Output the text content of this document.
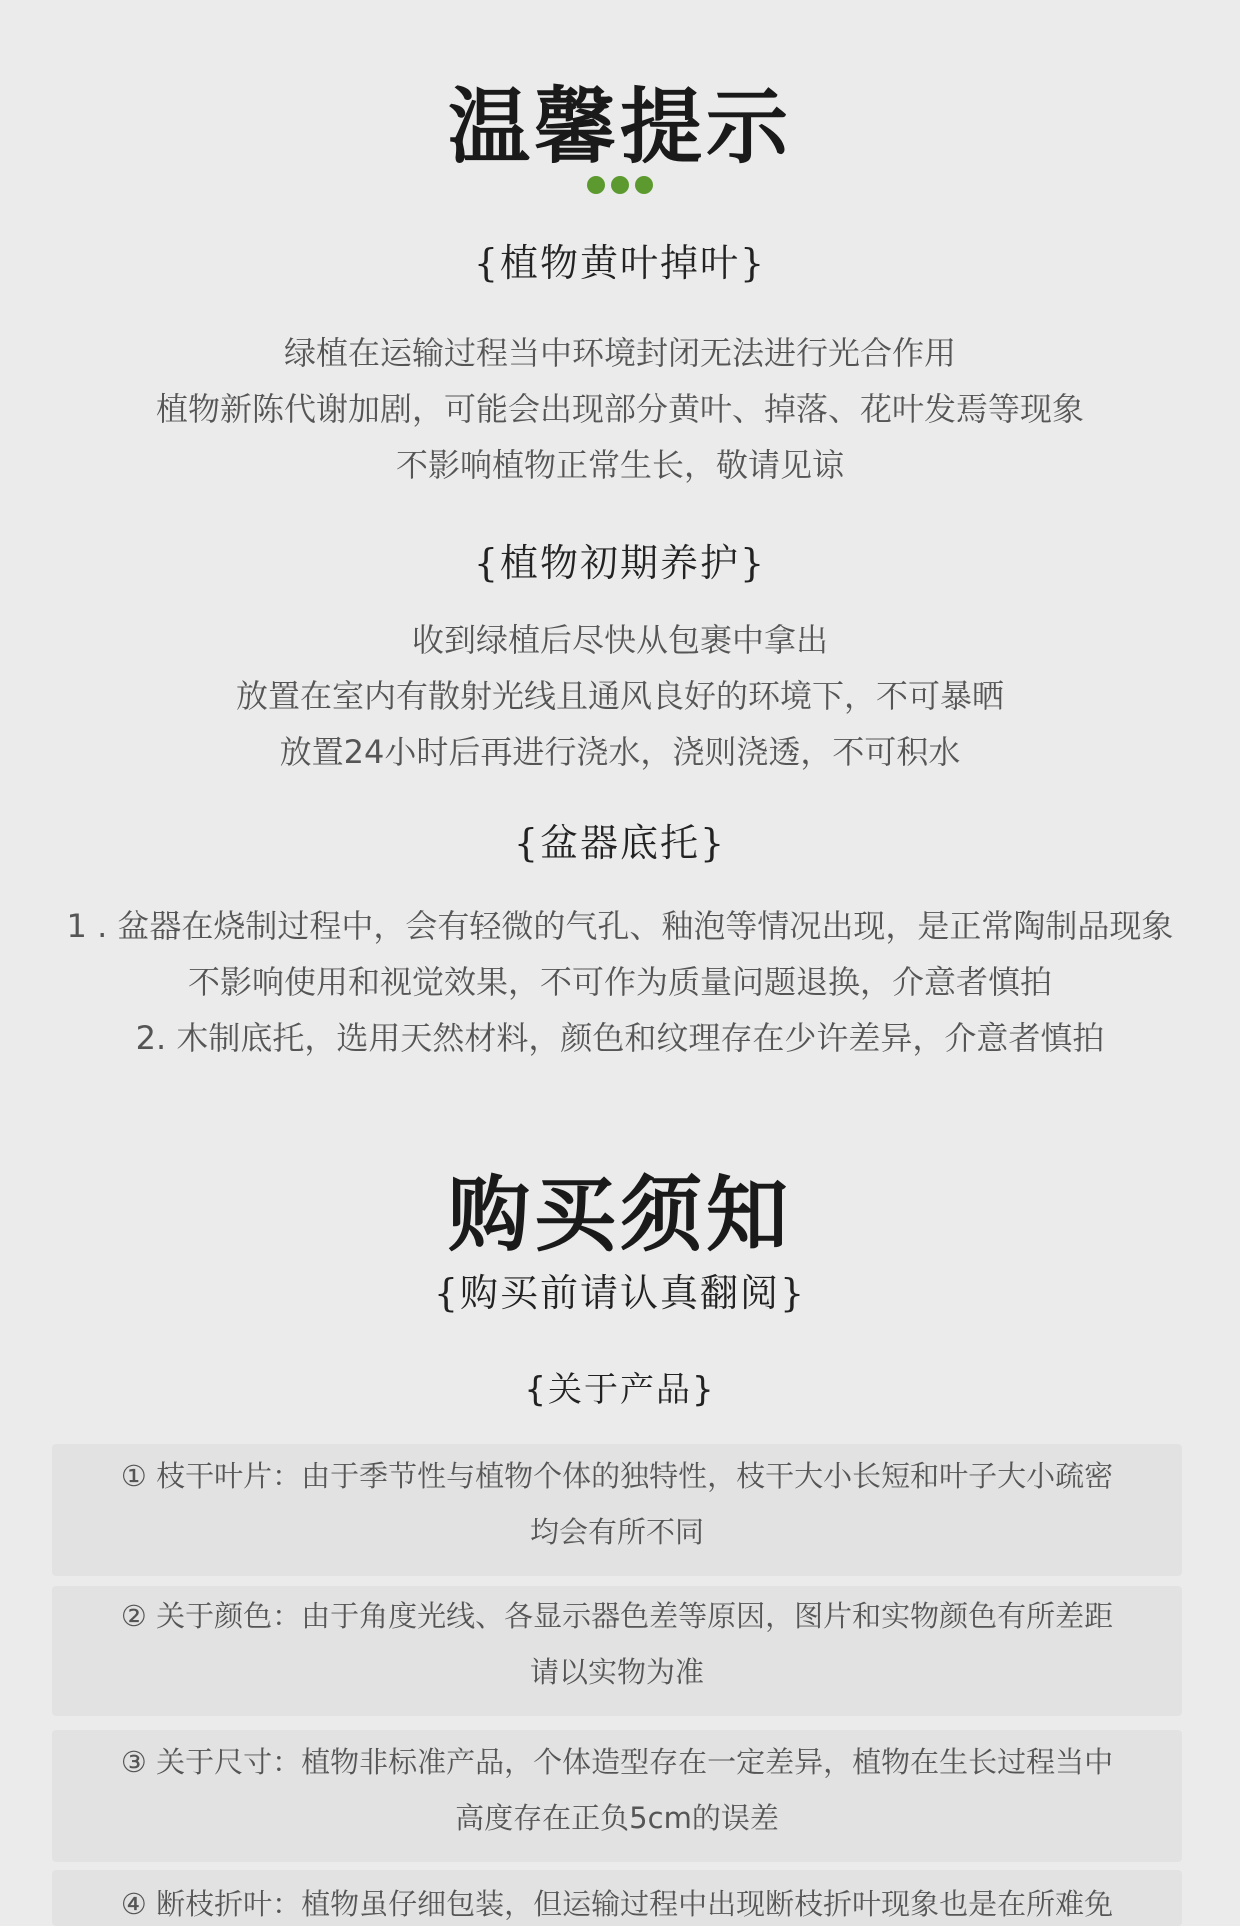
温馨提示
{植物黄叶掉叶}
绿植在运输过程当中环境封闭无法进行光合作用
植物新陈代谢加剧，可能会出现部分黄叶、掉落、花叶发焉等现象
不影响植物正常生长，敬请见谅
{植物初期养护}
收到绿植后尽快从包裹中拿出
放置在室内有散射光线且通风良好的环境下，不可暴晒
放置24小时后再进行浇水，浇则浇透，不可积水
{盆器底托}
1 . 盆器在烧制过程中，会有轻微的气孔、釉泡等情况出现，是正常陶制品现象
不影响使用和视觉效果，不可作为质量问题退换，介意者慎拍
2. 木制底托，选用天然材料，颜色和纹理存在少许差异，介意者慎拍
购买须知
{购买前请认真翻阅}
{关于产品}
① 枝干叶片：由于季节性与植物个体的独特性，枝干大小长短和叶子大小疏密
均会有所不同
② 关于颜色：由于角度光线、各显示器色差等原因，图片和实物颜色有所差距
请以实物为准
③ 关于尺寸：植物非标准产品，个体造型存在一定差异，植物在生长过程当中
高度存在正负5cm的误差
④ 断枝折叶：植物虽仔细包装，但运输过程中出现断枝折叶现象也是在所难免
